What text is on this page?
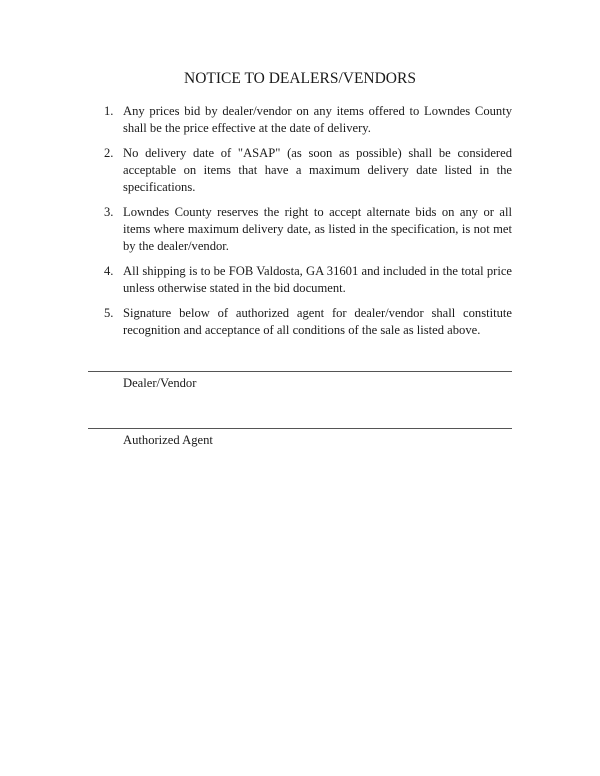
NOTICE TO DEALERS/VENDORS
1. Any prices bid by dealer/vendor on any items offered to Lowndes County shall be the price effective at the date of delivery.
2. No delivery date of "ASAP" (as soon as possible) shall be considered acceptable on items that have a maximum delivery date listed in the specifications.
3. Lowndes County reserves the right to accept alternate bids on any or all items where maximum delivery date, as listed in the specification, is not met by the dealer/vendor.
4. All shipping is to be FOB Valdosta, GA 31601 and included in the total price unless otherwise stated in the bid document.
5. Signature below of authorized agent for dealer/vendor shall constitute recognition and acceptance of all conditions of the sale as listed above.
Dealer/Vendor
Authorized Agent
